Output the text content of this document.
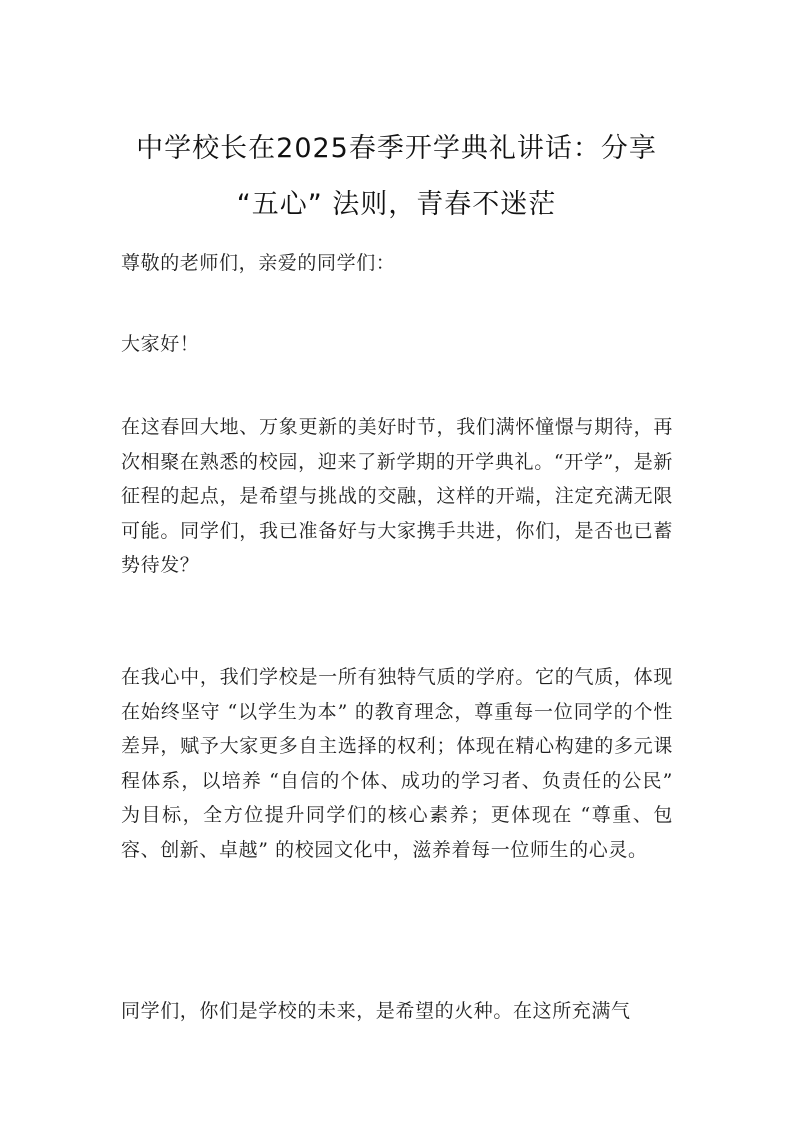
中学校长在2025春季开学典礼讲话：分享
“五心” 法则，青春不迷茫

尊敬的老师们，亲爱的同学们：

大家好！

在这春回大地、万象更新的美好时节，我们满怀憧憬与期待，再次相聚在熟悉的校园，迎来了新学期的开学典礼。“开学”，是新征程的起点，是希望与挑战的交融，这样的开端，注定充满无限可能。同学们，我已准备好与大家携手共进，你们，是否也已蓄势待发？

在我心中，我们学校是一所有独特气质的学府。它的气质，体现在始终坚守 “以学生为本” 的教育理念，尊重每一位同学的个性差异，赋予大家更多自主选择的权利；体现在精心构建的多元课程体系，以培养 “自信的个体、成功的学习者、负责任的公民” 为目标，全方位提升同学们的核心素养；更体现在 “尊重、包容、创新、卓越” 的校园文化中，滋养着每一位师生的心灵。

同学们，你们是学校的未来，是希望的火种。在这所充满气
